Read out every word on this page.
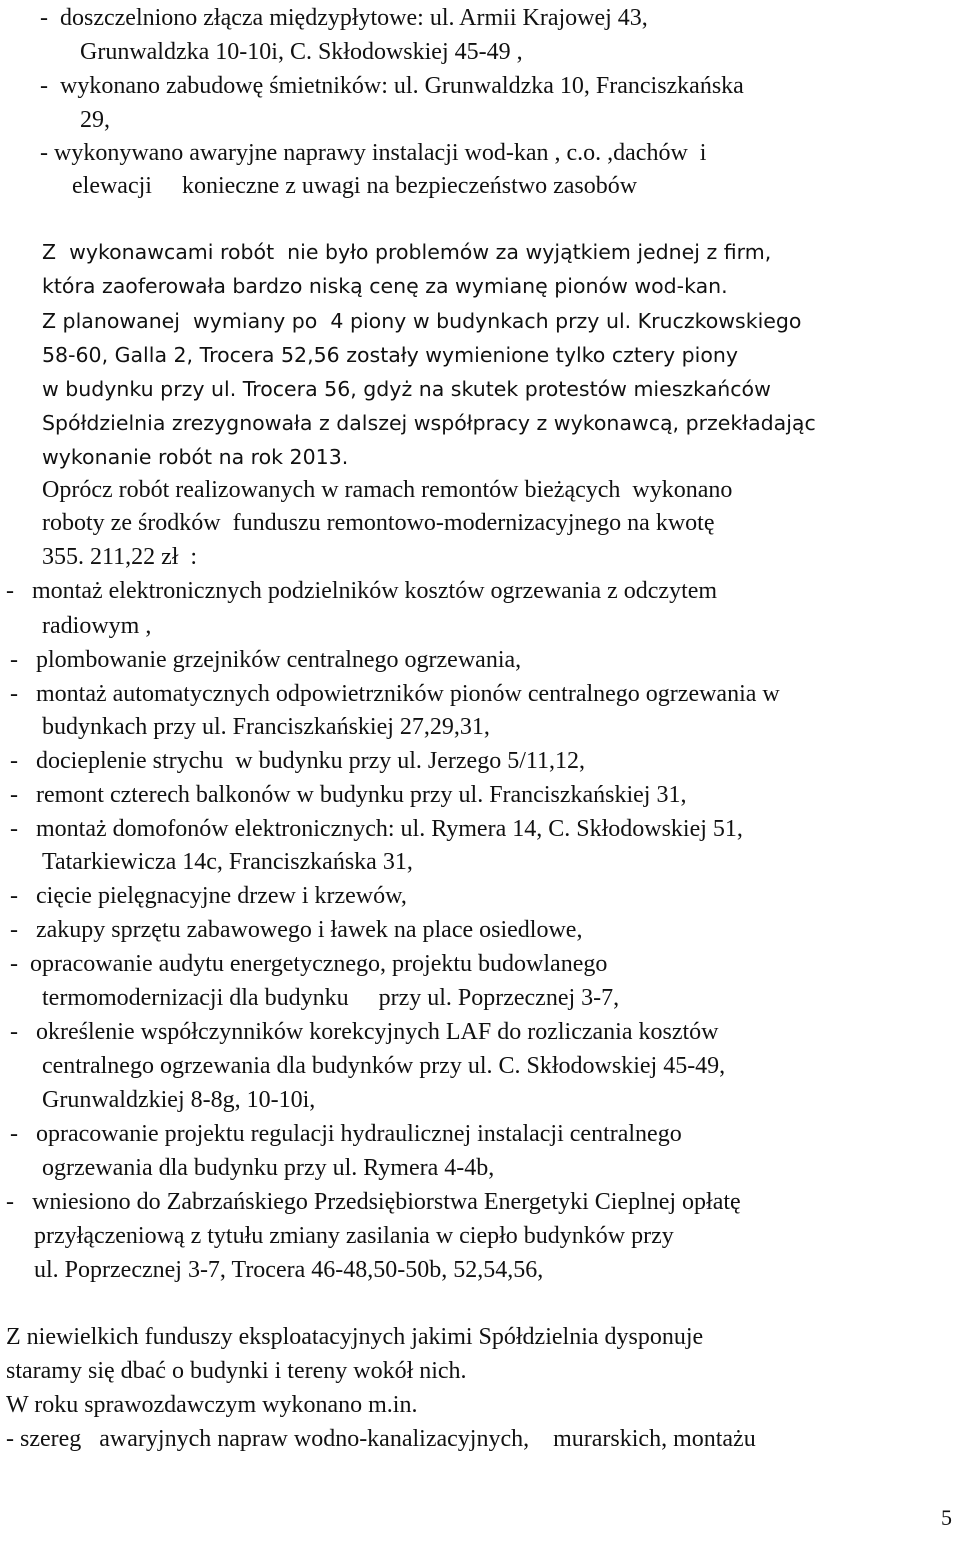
-  doszczelniono złącza międzypłytowe: ul. Armii Krajowej 43,
Grunwaldzka 10-10i, C. Skłodowskiej 45-49 ,
-  wykonano zabudowę śmietników: ul. Grunwaldzka 10, Franciszkańska
29,
- wykonywano awaryjne naprawy instalacji wod-kan , c.o. ,dachów  i
elewacji     konieczne z uwagi na bezpieczeństwo zasobów
Z  wykonawcami robót  nie było problemów za wyjątkiem jednej z firm,
która zaoferowała bardzo niską cenę za wymianę pionów wod-kan.
Z planowanej  wymiany po  4 piony w budynkach przy ul. Kruczkowskiego
58-60, Galla 2, Trocera 52,56 zostały wymienione tylko cztery piony
w budynku przy ul. Trocera 56, gdyż na skutek protestów mieszkańców
Spółdzielnia zrezygnowała z dalszej współpracy z wykonawcą, przekładając
wykonanie robót na rok 2013.
Oprócz robót realizowanych w ramach remontów bieżących  wykonano
roboty ze środków  funduszu remontowo-modernizacyjnego na kwotę
355. 211,22 zł  :
-   montaż elektronicznych podzielników kosztów ogrzewania z odczytem
radiowym ,
-   plombowanie grzejników centralnego ogrzewania,
-   montaż automatycznych odpowietrzników pionów centralnego ogrzewania w
budynkach przy ul. Franciszkańskiej 27,29,31,
-   docieplenie strychu  w budynku przy ul. Jerzego 5/11,12,
-   remont czterech balkonów w budynku przy ul. Franciszkańskiej 31,
-   montaż domofonów elektronicznych: ul. Rymera 14, C. Skłodowskiej 51,
Tatarkiewicza 14c, Franciszkańska 31,
-   cięcie pielęgnacyjne drzew i krzewów,
-   zakupy sprzętu zabawowego i ławek na place osiedlowe,
-  opracowanie audytu energetycznego, projektu budowlanego
termomodernizacji dla budynku     przy ul. Poprzecznej 3-7,
-   określenie współczynników korekcyjnych LAF do rozliczania kosztów
centralnego ogrzewania dla budynków przy ul. C. Skłodowskiej 45-49,
Grunwaldzkiej 8-8g, 10-10i,
-   opracowanie projektu regulacji hydraulicznej instalacji centralnego
ogrzewania dla budynku przy ul. Rymera 4-4b,
-   wniesiono do Zabrzańskiego Przedsiębiorstwa Energetyki Cieplnej opłatę
przyłączeniową z tytułu zmiany zasilania w ciepło budynków przy
ul. Poprzecznej 3-7, Trocera 46-48,50-50b, 52,54,56,
Z niewielkich funduszy eksploatacyjnych jakimi Spółdzielnia dysponuje
staramy się dbać o budynki i tereny wokół nich.
W roku sprawozdawczym wykonano m.in.
- szereg   awaryjnych napraw wodno-kanalizacyjnych,    murarskich, montażu
5
